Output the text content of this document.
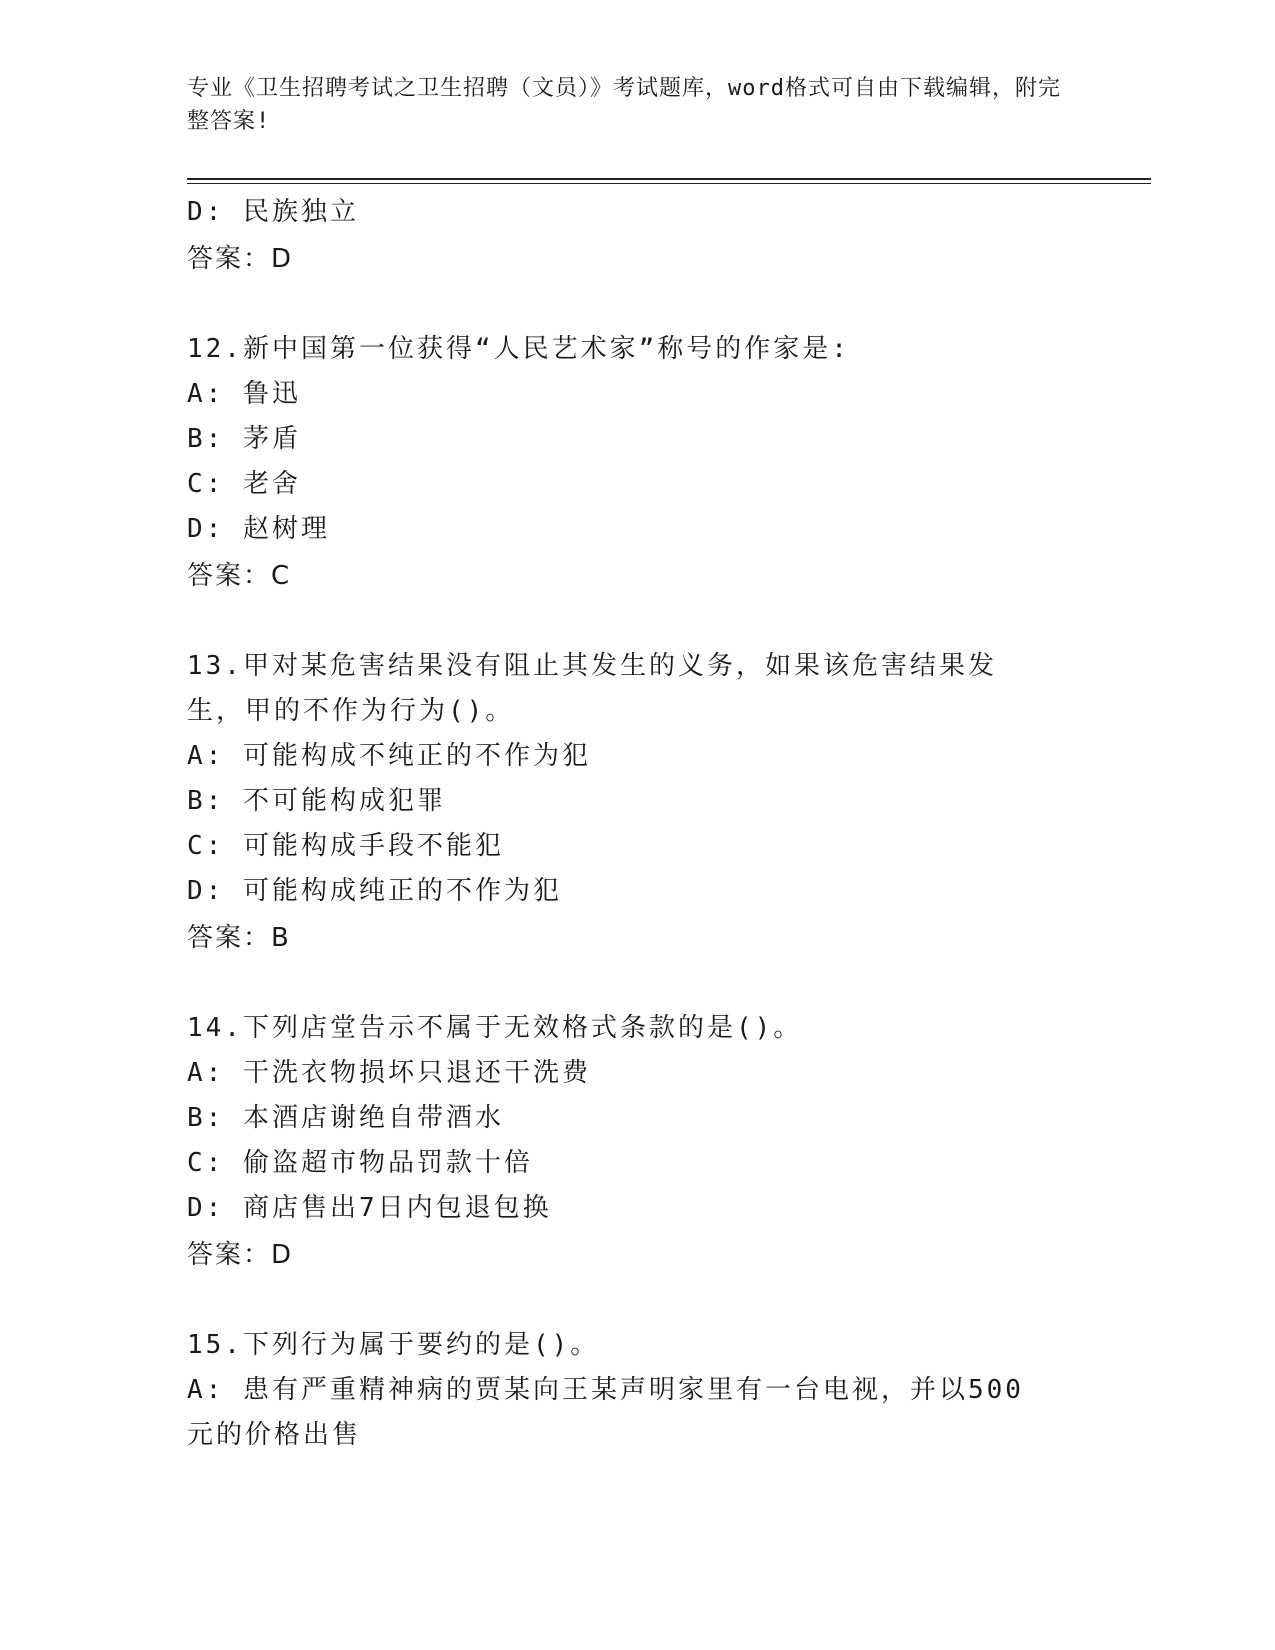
专业《卫生招聘考试之卫生招聘（文员）》考试题库，word格式可自由下载编辑，附完整答案!
D: 民族独立
答案：D
12.新中国第一位获得“人民艺术家”称号的作家是:
A: 鲁迅
B: 茅盾
C: 老舍
D: 赵树理
答案：C
13.甲对某危害结果没有阻止其发生的义务，如果该危害结果发生，甲的不作为行为()。
A: 可能构成不纯正的不作为犯
B: 不可能构成犯罪
C: 可能构成手段不能犯
D: 可能构成纯正的不作为犯
答案：B
14.下列店堂告示不属于无效格式条款的是()。
A: 干洗衣物损坏只退还干洗费
B: 本酒店谢绝自带酒水
C: 偷盗超市物品罚款十倍
D: 商店售出7日内包退包换
答案：D
15.下列行为属于要约的是()。
A: 患有严重精神病的贾某向王某声明家里有一台电视，并以500元的价格出售
